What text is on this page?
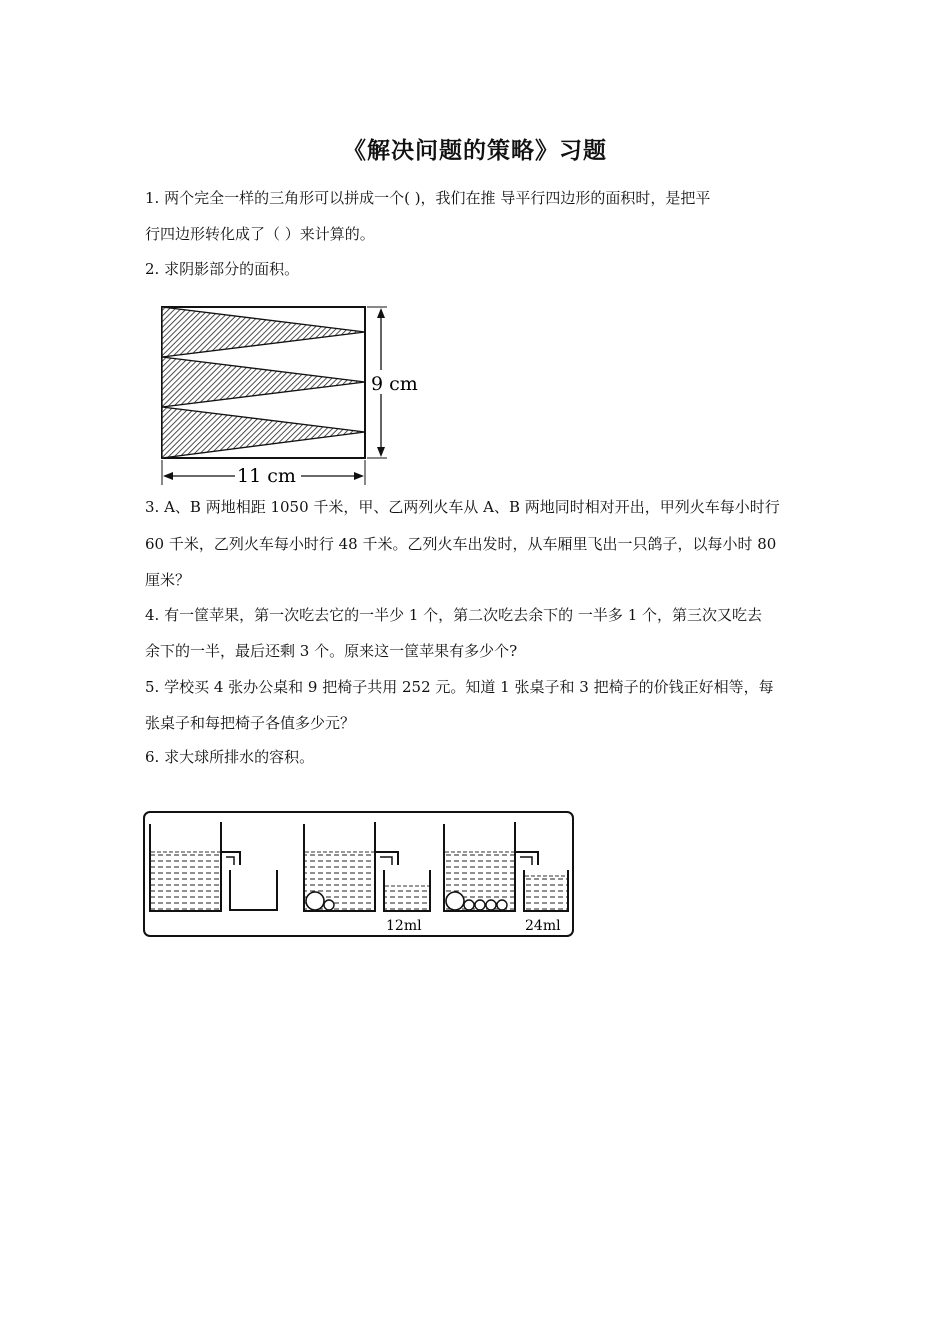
《解决问题的策略》习题
1. 两个完全一样的三角形可以拼成一个( )，我们在推 导平行四边形的面积时，是把平
行四边形转化成了（ ）来计算的。
2. 求阴影部分的面积。
9 cm
11 cm
3. A、B 两地相距 1050 千米，甲、乙两列火车从 A、B 两地同时相对开出，甲列火车每小时行
60 千米，乙列火车每小时行 48 千米。乙列火车出发时，从车厢里飞出一只鸽子，以每小时 80
厘米？
4. 有一筐苹果，第一次吃去它的一半少 1 个，第二次吃去余下的 一半多 1 个，第三次又吃去
余下的一半，最后还剩 3 个。原来这一筐苹果有多少个?
5. 学校买 4 张办公桌和 9 把椅子共用 252 元。知道 1 张桌子和 3 把椅子的价钱正好相等，每
张桌子和每把椅子各值多少元？
6. 求大球所排水的容积。
12ml	24ml
